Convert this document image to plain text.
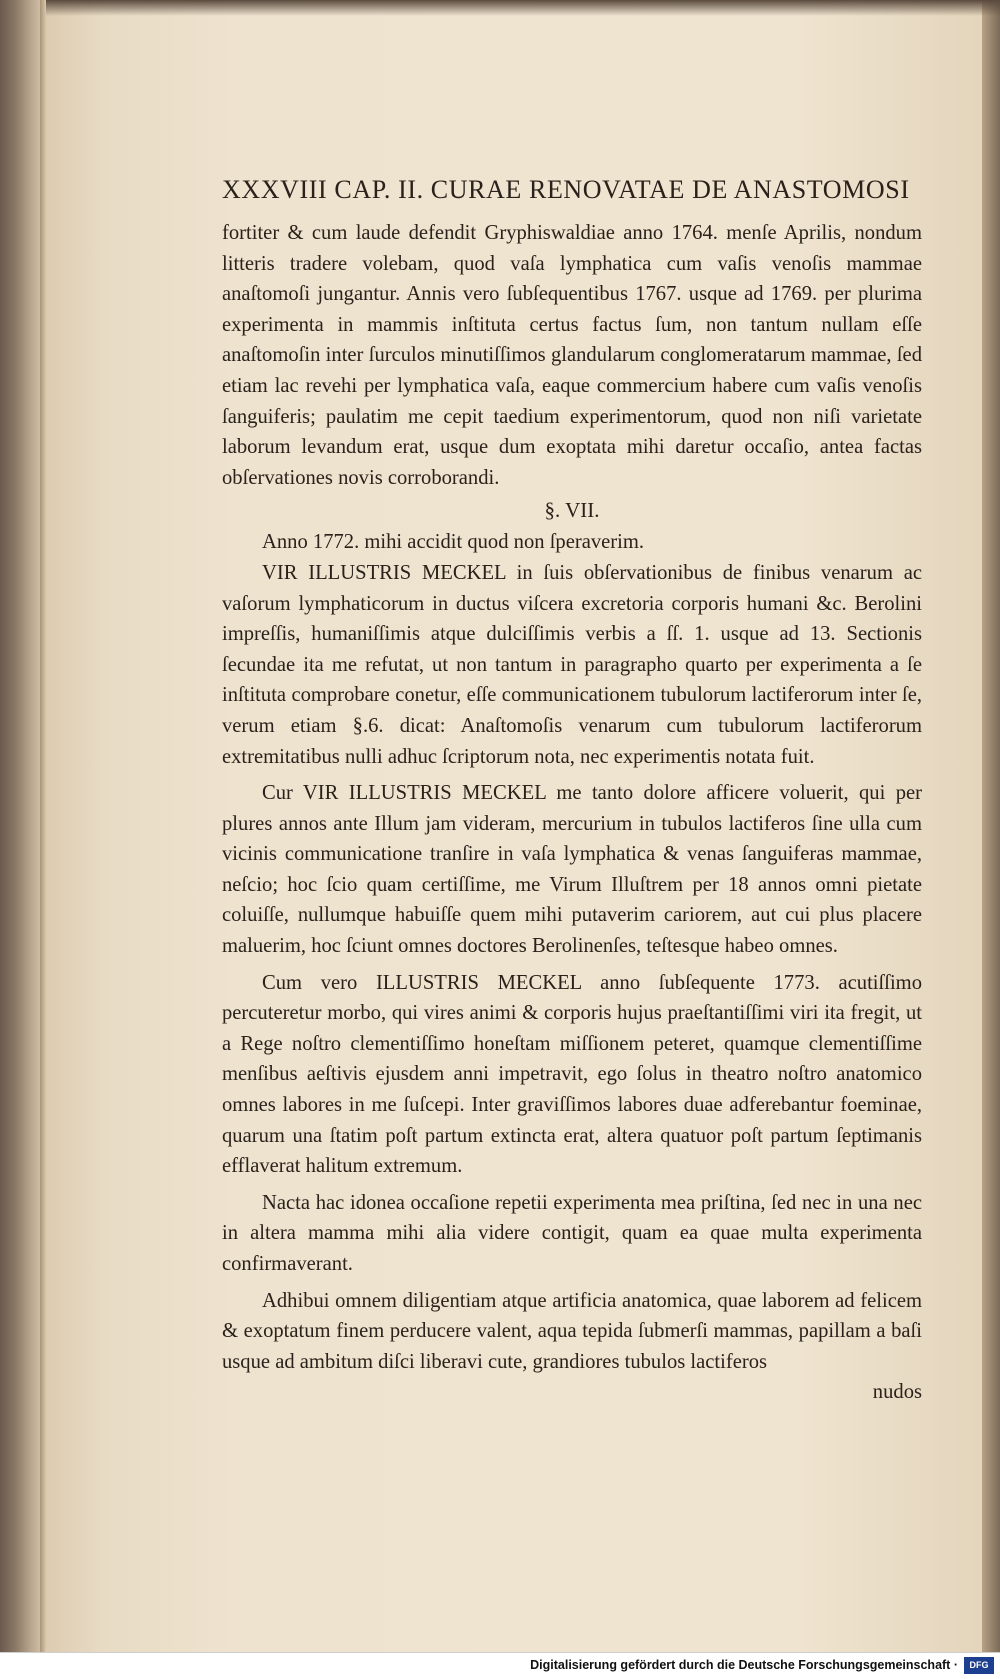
XXXVIII CAP. II. CURAE RENOVATAE DE ANASTOMOSI

fortiter & cum laude defendit Gryphiswaldiae anno 1764. menſe Aprilis, nondum litteris tradere volebam, quod vaſa lymphatica cum vaſis venoſis mammae anaſtomoſi jungantur. Annis vero ſubſequentibus 1767. usque ad 1769. per plurima experimenta in mammis inſtituta certus factus ſum, non tantum nullam eſſe anaſtomoſin inter ſurculos minutiſſimos glandularum conglomeratarum mammae, ſed etiam lac revehi per lymphatica vaſa, eaque commercium habere cum vaſis venoſis ſanguiferis; paulatim me cepit taedium experimentorum, quod non niſi varietate laborum levandum erat, usque dum exoptata mihi daretur occaſio, antea factas obſervationes novis corroborandi.

§. VII.

Anno 1772. mihi accidit quod non ſperaverim.

VIR ILLUSTRIS MECKEL in ſuis obſervationibus de finibus venarum ac vaſorum lymphaticorum in ductus viſcera excretoria corporis humani &c. Berolini impreſſis, humaniſſimis atque dulciſſimis verbis a ſſ. 1. usque ad 13. Sectionis ſecundae ita me refutat, ut non tantum in paragrapho quarto per experimenta a ſe inſtituta comprobare conetur, eſſe communicationem tubulorum lactiferorum inter ſe, verum etiam §.6. dicat: Anaſtomoſis venarum cum tubulorum lactiferorum extremitatibus nulli adhuc ſcriptorum nota, nec experimentis notata fuit.

Cur VIR ILLUSTRIS MECKEL me tanto dolore afficere voluerit, qui per plures annos ante Illum jam videram, mercurium in tubulos lactiferos ſine ulla cum vicinis communicatione tranſire in vaſa lymphatica & venas ſanguiferas mammae, neſcio; hoc ſcio quam certiſſime, me Virum Illuſtrem per 18 annos omni pietate coluiſſe, nullumque habuiſſe quem mihi putaverim cariorem, aut cui plus placere maluerim, hoc ſciunt omnes doctores Berolinenſes, teſtesque habeo omnes.

Cum vero ILLUSTRIS MECKEL anno ſubſequente 1773. acutiſſimo percuteretur morbo, qui vires animi & corporis hujus praeſtantiſſimi viri ita fregit, ut a Rege noſtro clementiſſimo honeſtam miſſionem peteret, quamque clementiſſime menſibus aeſtivis ejusdem anni impetravit, ego ſolus in theatro noſtro anatomico omnes labores in me ſuſcepi. Inter graviſſimos labores duae adferebantur foeminae, quarum una ſtatim poſt partum extincta erat, altera quatuor poſt partum ſeptimanis efflaverat halitum extremum.

Nacta hac idonea occaſione repetii experimenta mea priſtina, ſed nec in una nec in altera mamma mihi alia videre contigit, quam ea quae multa experimenta confirmaverant.

Adhibui omnem diligentiam atque artificia anatomica, quae laborem ad felicem & exoptatum finem perducere valent, aqua tepida ſubmerſi mammas, papillam a baſi usque ad ambitum diſci liberavi cute, grandiores tubulos lactiferos

nudos
Digitalisierung gefördert durch die Deutsche Forschungsgemeinschaft ·	DFG
